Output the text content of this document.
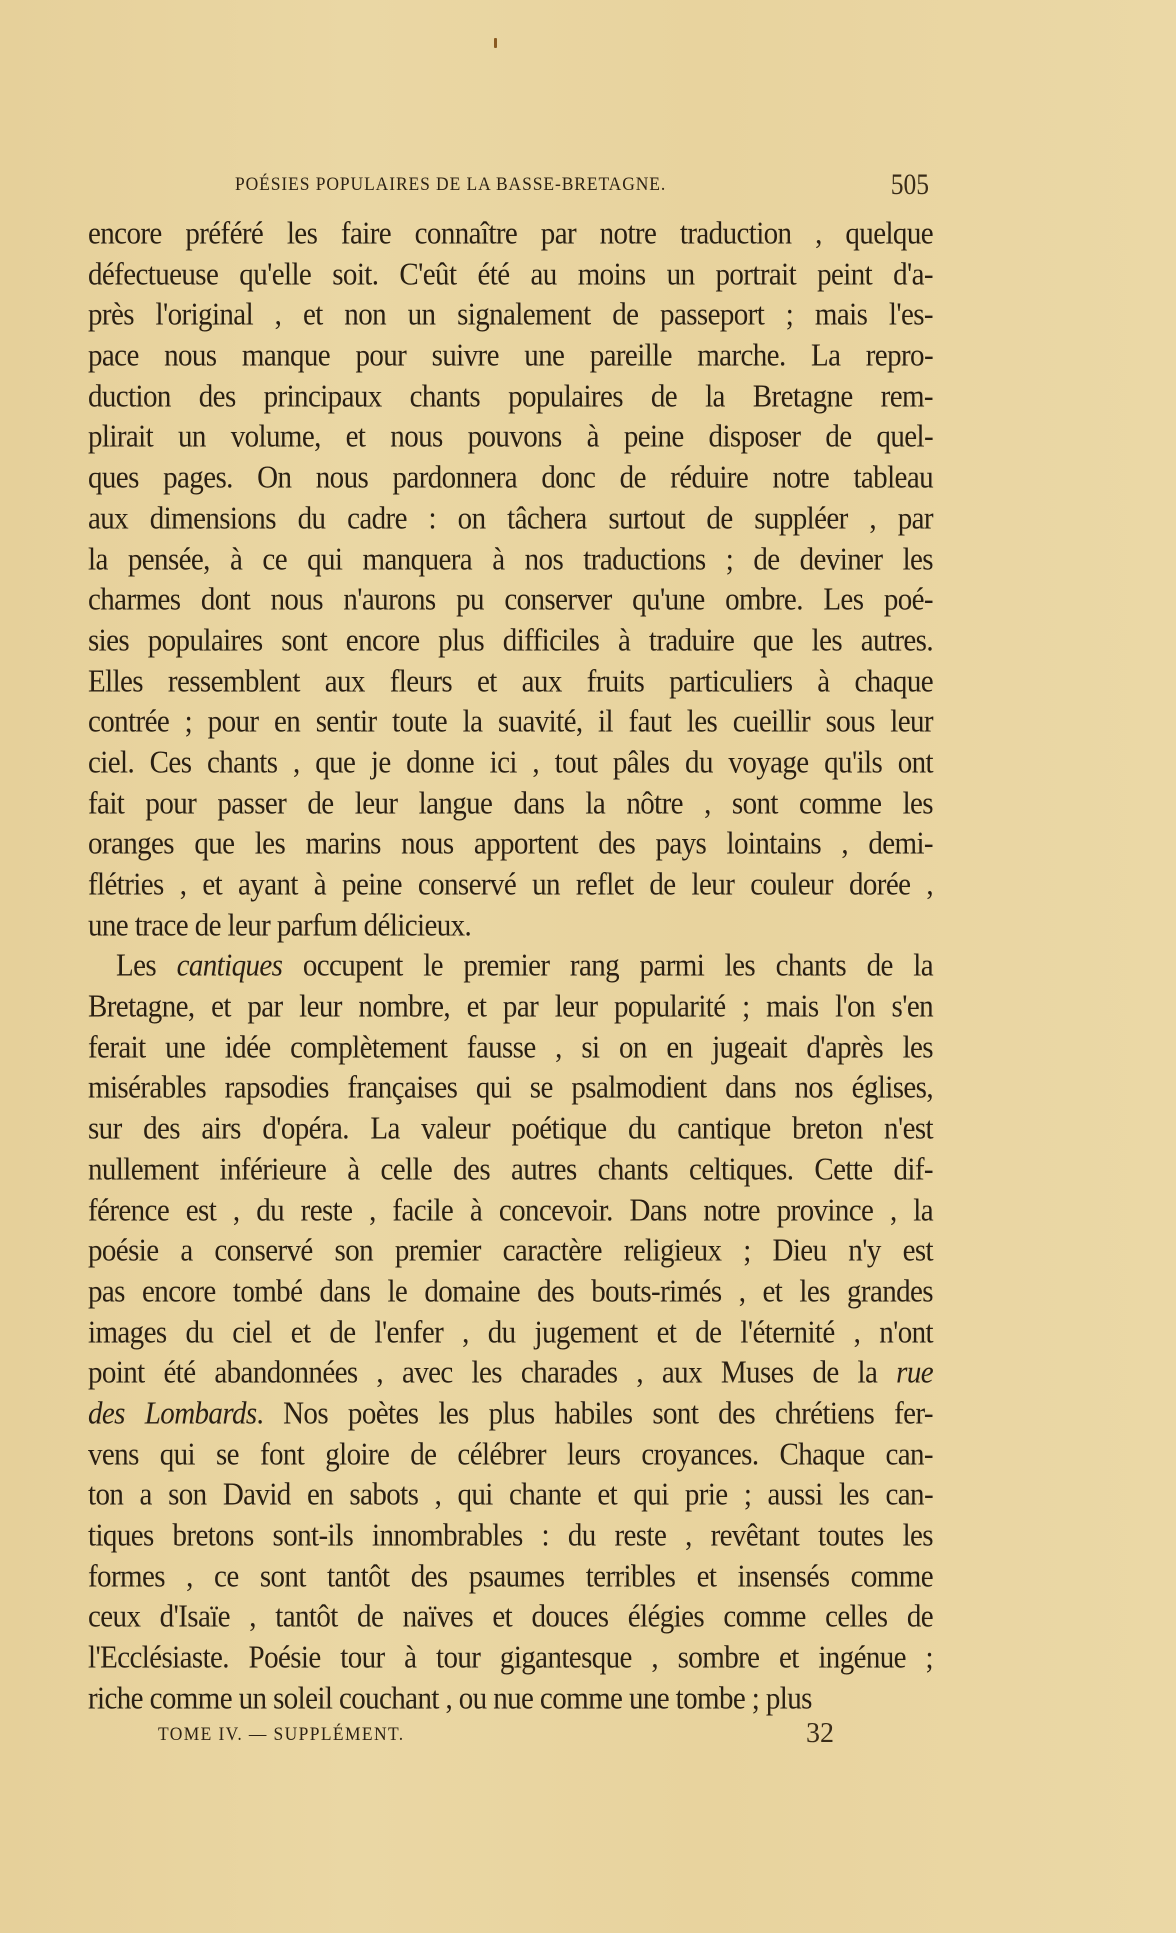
POÉSIES POPULAIRES DE LA BASSE-BRETAGNE.	505
encore préféré les faire connaître par notre traduction , quelque
défectueuse qu'elle soit. C'eût été au moins un portrait peint d'a-
près l'original , et non un signalement de passeport ; mais l'es-
pace nous manque pour suivre une pareille marche. La repro-
duction des principaux chants populaires de la Bretagne rem-
plirait un volume, et nous pouvons à peine disposer de quel-
ques pages. On nous pardonnera donc de réduire notre tableau
aux dimensions du cadre : on tâchera surtout de suppléer , par
la pensée, à ce qui manquera à nos traductions ; de deviner les
charmes dont nous n'aurons pu conserver qu'une ombre. Les poé-
sies populaires sont encore plus difficiles à traduire que les autres.
Elles ressemblent aux fleurs et aux fruits particuliers à chaque
contrée ; pour en sentir toute la suavité, il faut les cueillir sous leur
ciel. Ces chants , que je donne ici , tout pâles du voyage qu'ils ont
fait pour passer de leur langue dans la nôtre , sont comme les
oranges que les marins nous apportent des pays lointains , demi-
flétries , et ayant à peine conservé un reflet de leur couleur dorée ,
une trace de leur parfum délicieux.
Les cantiques occupent le premier rang parmi les chants de la
Bretagne, et par leur nombre, et par leur popularité ; mais l'on s'en
ferait une idée complètement fausse , si on en jugeait d'après les
misérables rapsodies françaises qui se psalmodient dans nos églises,
sur des airs d'opéra. La valeur poétique du cantique breton n'est
nullement inférieure à celle des autres chants celtiques. Cette dif-
férence est , du reste , facile à concevoir. Dans notre province , la
poésie a conservé son premier caractère religieux ; Dieu n'y est
pas encore tombé dans le domaine des bouts-rimés , et les grandes
images du ciel et de l'enfer , du jugement et de l'éternité , n'ont
point été abandonnées , avec les charades , aux Muses de la rue
des Lombards. Nos poètes les plus habiles sont des chrétiens fer-
vens qui se font gloire de célébrer leurs croyances. Chaque can-
ton a son David en sabots , qui chante et qui prie ; aussi les can-
tiques bretons sont-ils innombrables : du reste , revêtant toutes les
formes , ce sont tantôt des psaumes terribles et insensés comme
ceux d'Isaïe , tantôt de naïves et douces élégies comme celles de
l'Ecclésiaste. Poésie tour à tour gigantesque , sombre et ingénue ;
riche comme un soleil couchant , ou nue comme une tombe ; plus
TOME IV. — SUPPLÉMENT.	32
